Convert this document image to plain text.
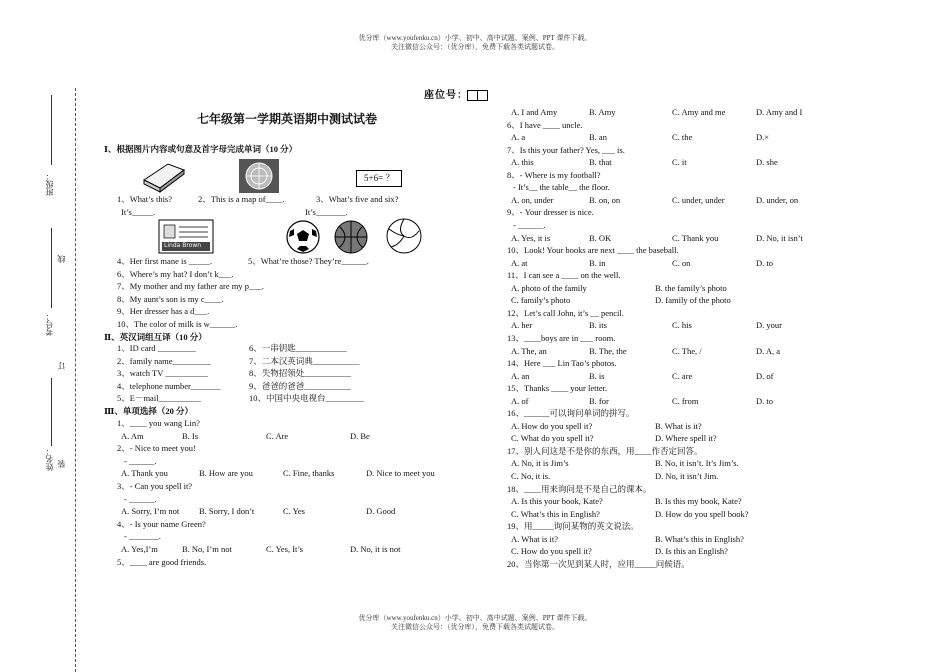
优分库（www.youfenku.cn）小学、初中、高中试题、案例、PPT 课件下载。
关注微信公众号：（优分库），免费下载各类试题试卷。
班级：
考号：
姓名：
线
订
装
座位号：
七年级第一学期英语期中测试试卷
Ⅰ、根据图片内容或句意及首字母完成单词（10 分）
5+6= ？
1、What’s this?	2、This is a map of____.	3、What’s five and six?
It’s_____.	It’s_______.
Linda Brown
4、Her first mane is _____.	5、What’re those? They’re______.
6、Where’s my hat? I don’t k___.
7、My mother and my father are my p___.
8、My aunt’s son is my c____.
9、Her dresser has a d___.
10、The color of milk is w______.
Ⅱ、英汉词组互译（10 分）
1、ID card _________	6、一串钥匙____________
2、family name_________	7、二本汉英词典___________
3、watch TV __________	8、失物招领处___________
4、telephone number_______	9、爸爸的爸爸___________
5、E－mail__________	10、中国中央电视台_________
Ⅲ、单项选择（20 分）
1、____ you wang Lin?
A. Am	B. Is	C. Are	D. Be
2、- Nice to meet you!
- ______.
A. Thank you	B. How are you	C. Fine, thanks	D. Nice to meet you
3、- Can you spell it?
- ______.
A. Sorry, I’m not B. Sorry, I don’t	C. Yes	D. Good
4、- Is your name Green?
- _______.
A. Yes,I’m	B. No, I’m not	C. Yes, It’s	D. No, it is not
5、____ are good friends.
A. I and Amy	B. Amy	C. Amy and me	D. Amy and I
6、I have ____ uncle.
A. a	B. an	C. the	D.×
7、Is this your father? Yes, ___ is.
A. this	B. that	C. it	D. she
8、- Where is my football?
- It’s__ the table__ the floor.
A. on, under	B. on, on	C. under, under	D. under, on
9、- Your dresser is nice.
- ______.
A. Yes, it is	B. OK	C. Thank you	D. No, it isn’t
10、Look! Your books are next ____ the baseball.
A. at	B. in	C. on	D. to
11、I can see a ____ on the well.
A. photo of the family	B. the family’s photo
C. family’s photo	D. family of the photo
12、Let’s call John, it’s __ pencil.
A. her	B. its	C. his	D. your
13、____boys are in ___ room.
A. The, an	B. The, the	C. The, /	D. A, a
14、Here ___ Lin Tao’s photos.
A. an	B. is	C. are	D. of
15、Thanks ____ your letter.
A. of	B. for	C. from	D. to
16、______可以询问单词的拼写。
A. How do you spell it?	B. What is it?
C. What do you spell it?	D. Where spell it?
17、别人问这是不是你的东西，用____作否定回答。
A. No, it is Jim’s	B. No, it isn’t. It’s Jim’s.
C. No, it is.	D. No, it isn’t Jim.
18、____用来询问是不是自己的课本。
A. Is this your book, Kate?	B. Is this my book, Kate?
C. What’s this in English?	D. How do you spell book?
19、用_____询问某物的英文说法。
A. What is it?	B. What’s this in English?
C. How do you spell it?	D. Is this an English?
20、当你第一次见到某人时，应用_____问候语。
优分库（www.youfenku.cn）小学、初中、高中试题、案例、PPT 课件下载。
关注微信公众号：（优分库），免费下载各类试题试卷。
